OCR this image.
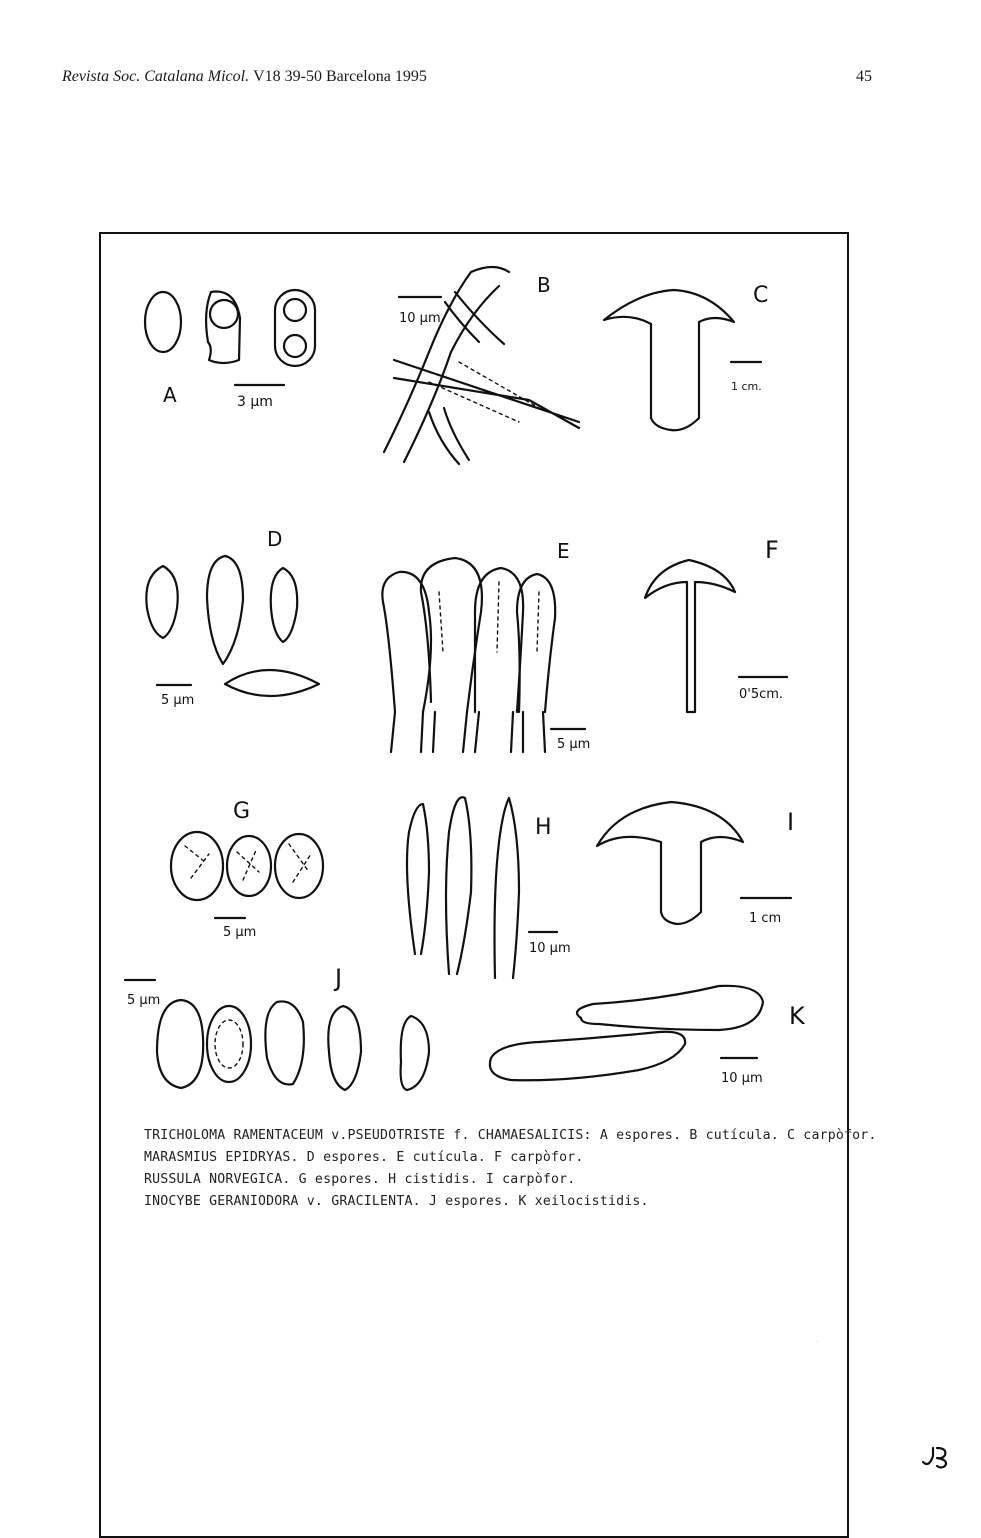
Revista Soc. Catalana Micol. V18 39-50 Barcelona 1995	45
A	3 μm
10 μm
B
1 cm.
C
5 μm
D
5 μm
E
0'5cm.
F
5 μm
G
10 μm
H
1 cm
I
5 μm
J
10 μm
K
JB
TRICHOLOMA RAMENTACEUM v.PSEUDOTRISTE f. CHAMAESALICIS: A espores. B cutícula. C carpòfor.
MARASMIUS EPIDRYAS. D espores. E cutícula. F carpòfor.
RUSSULA NORVEGICA. G espores. H cistidis. I carpòfor.
INOCYBE GERANIODORA v. GRACILENTA. J espores. K xeilocistidis.
